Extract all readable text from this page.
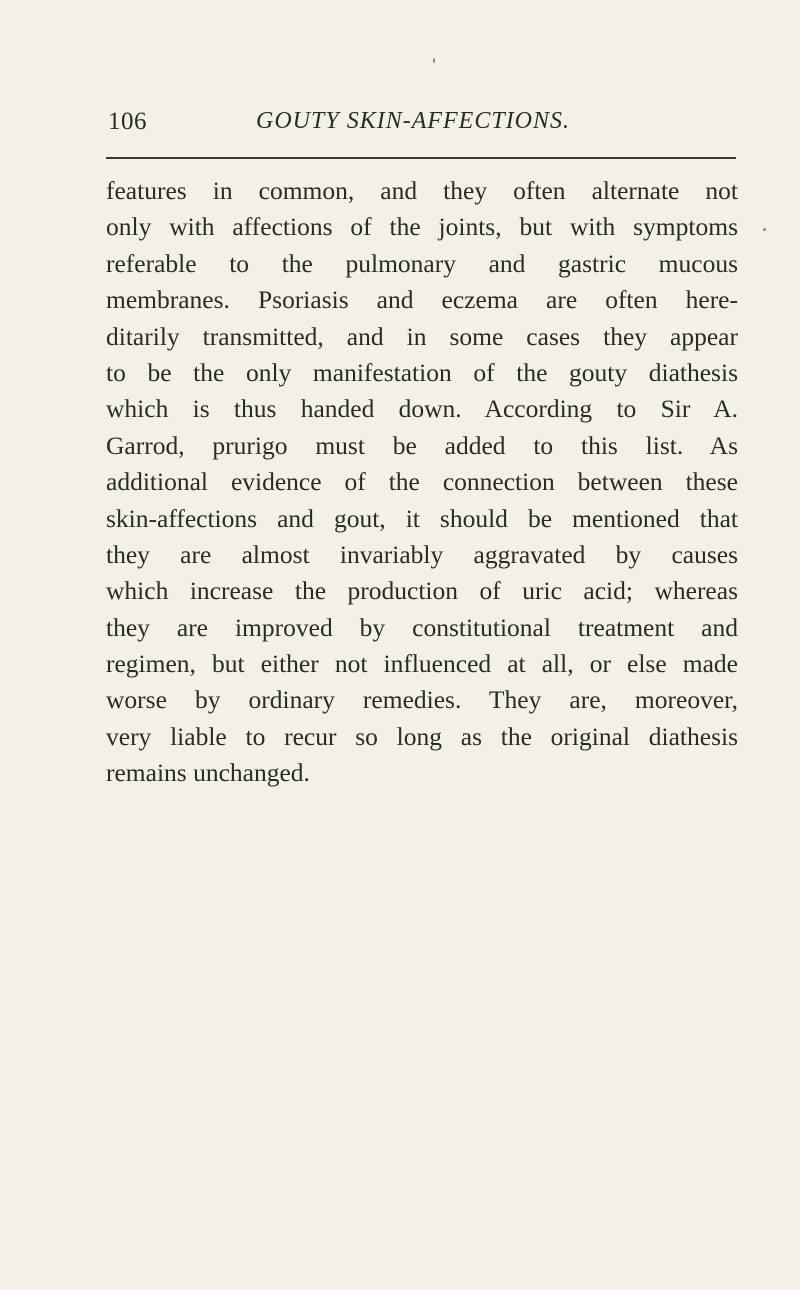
106	GOUTY SKIN-AFFECTIONS.
features in common, and they often alternate not
only with affections of the joints, but with symptoms
referable to the pulmonary and gastric mucous
membranes. Psoriasis and eczema are often here-
ditarily transmitted, and in some cases they appear
to be the only manifestation of the gouty diathesis
which is thus handed down. According to Sir A.
Garrod, prurigo must be added to this list. As
additional evidence of the connection between these
skin-affections and gout, it should be mentioned that
they are almost invariably aggravated by causes
which increase the production of uric acid; whereas
they are improved by constitutional treatment and
regimen, but either not influenced at all, or else made
worse by ordinary remedies. They are, moreover,
very liable to recur so long as the original diathesis
remains unchanged.
